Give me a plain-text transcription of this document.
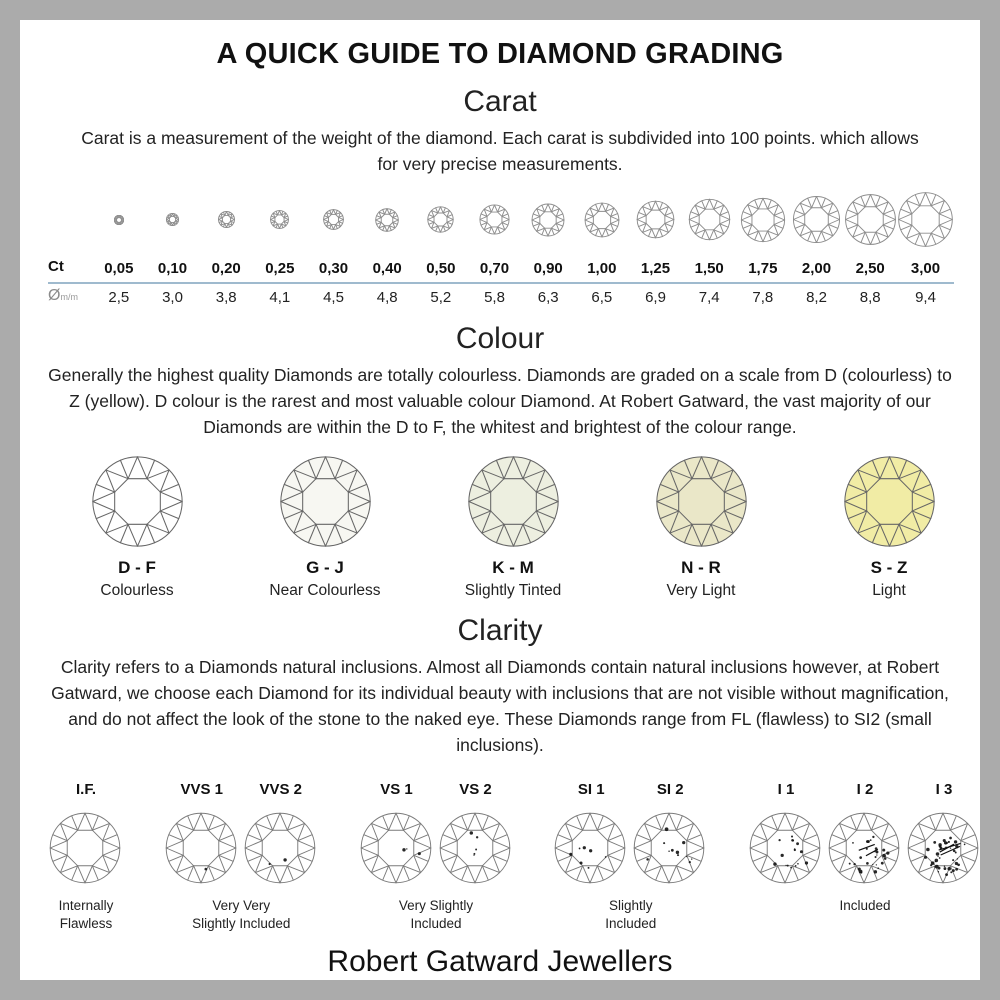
A QUICK GUIDE TO DIAMOND GRADING
Carat

Carat is a measurement of the weight of the diamond. Each carat is subdivided into 100 points. which allows for very precise measurements.

Ct	0,05	0,10	0,20	0,25	0,30	0,40	0,50	0,70	0,90	1,00	1,25	1,50	1,75	2,00	2,50	3,00
Øm/m	2,5	3,0	3,8	4,1	4,5	4,8	5,2	5,8	6,3	6,5	6,9	7,4	7,8	8,2	8,8	9,4
Colour

Generally the highest quality Diamonds are totally colourless. Diamonds are graded on a scale from D (colourless) to Z (yellow). D colour is the rarest and most valuable colour Diamond. At Robert Gatward, the vast majority of our Diamonds are within the D to F, the whitest and brightest of the colour range.

D - F
Colourless
G - J
Near Colourless
K - M
Slightly Tinted
N - R
Very Light
S - Z
Light
Clarity

Clarity refers to a Diamonds natural inclusions. Almost all Diamonds contain natural inclusions however, at Robert Gatward, we choose each Diamond for its individual beauty with inclusions that are not visible without magnification, and do not affect the look of the stone to the naked eye. These Diamonds range from FL (flawless) to SI2 (small inclusions).

I.F.
Internally
Flawless
VVS 1	VVS 2
Very Very
Slightly Included
VS 1	VS 2
Very Slightly
Included
SI 1	SI 2
Slightly
Included
I 1	I 2	I 3
Included
Robert Gatward Jewellers
